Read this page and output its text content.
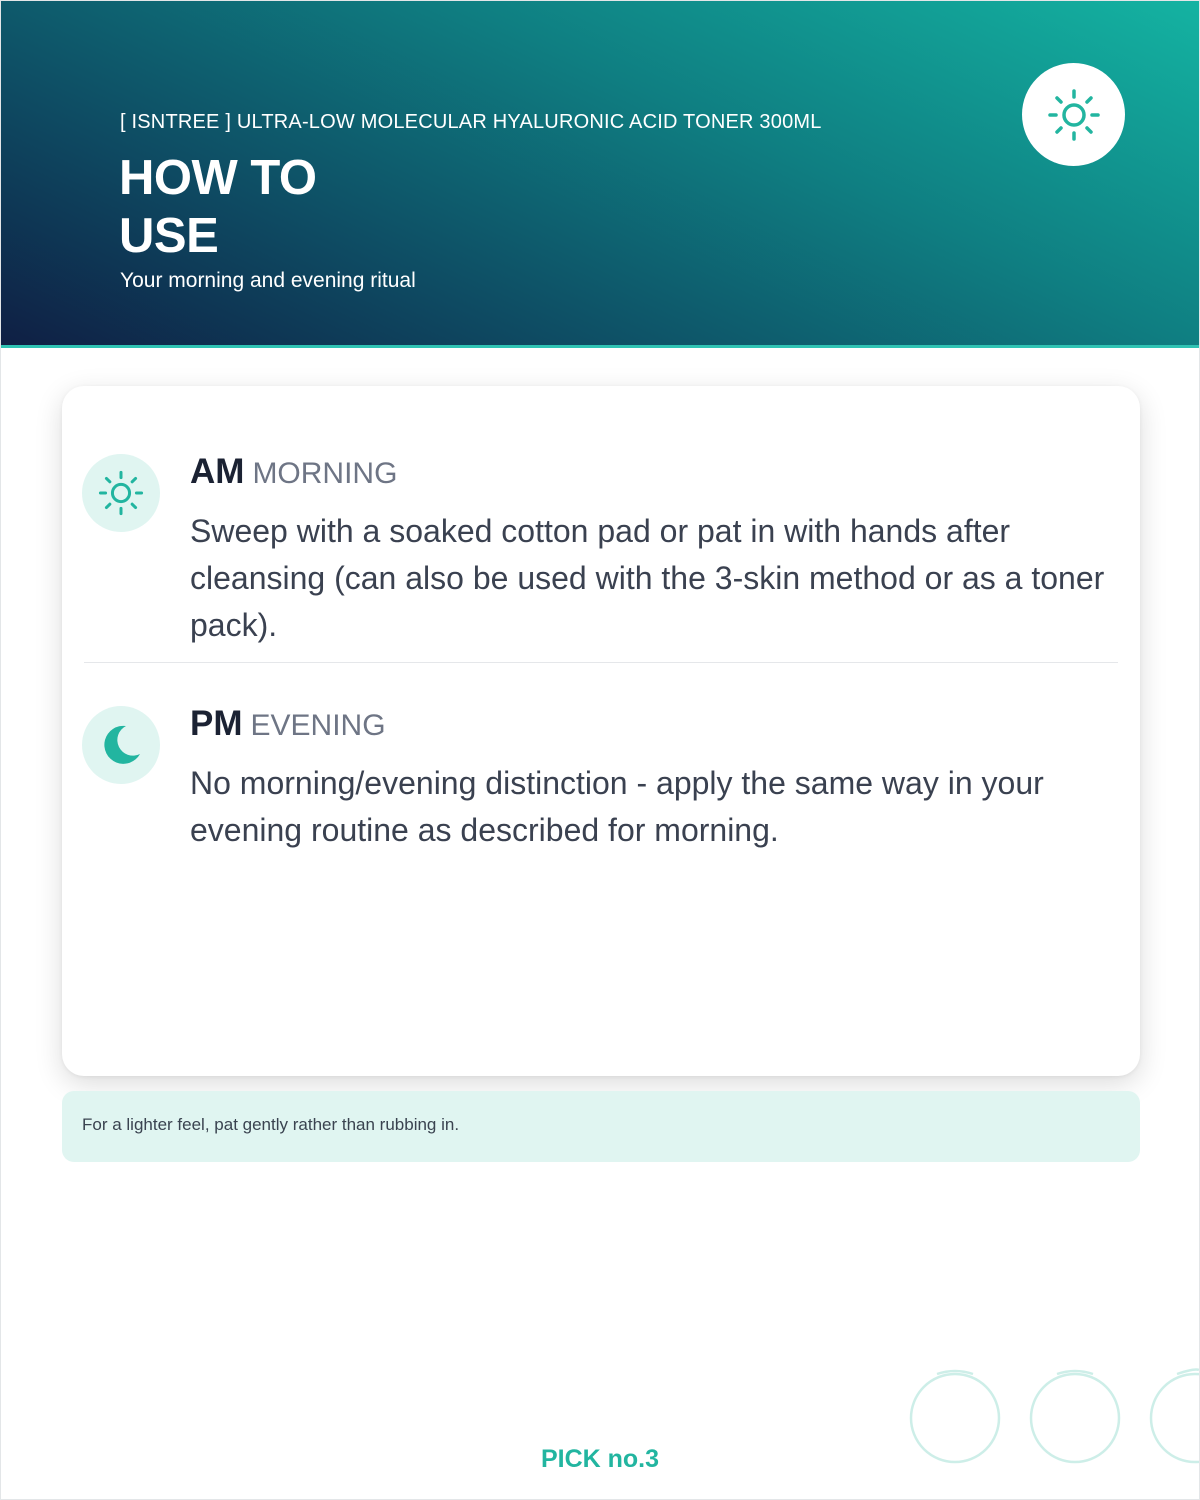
[ ISNTREE ] ULTRA-LOW MOLECULAR HYALURONIC ACID TONER 300ML
HOW TO
USE
Your morning and evening ritual
AM MORNING
Sweep with a soaked cotton pad or pat in with hands after cleansing (can also be used with the 3-skin method or as a toner pack).
PM EVENING
No morning/evening distinction - apply the same way in your evening routine as described for morning.
For a lighter feel, pat gently rather than rubbing in.
PICK no.3
